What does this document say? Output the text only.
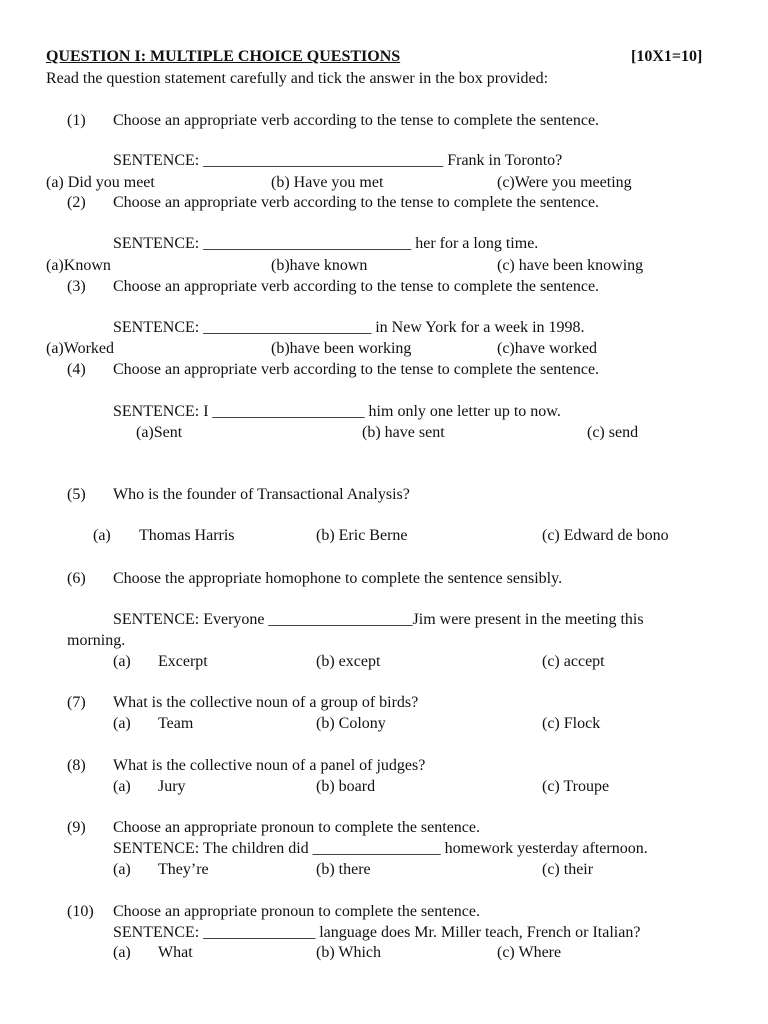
QUESTION I: MULTIPLE CHOICE QUESTIONS	[10X1=10]
Read the question statement carefully and tick the answer in the box provided:
(1) Choose an appropriate verb according to the tense to complete the sentence.
SENTENCE: ______________________________ Frank in Toronto?
(a) Did you meet	(b) Have you met	(c)Were you meeting
(2) Choose an appropriate verb according to the tense to complete the sentence.
SENTENCE: __________________________ her for a long time.
(a)Known	(b)have known	(c) have been knowing
(3) Choose an appropriate verb according to the tense to complete the sentence.
SENTENCE: _____________________ in New York for a week in 1998.
(a)Worked	(b)have been working	(c)have worked
(4) Choose an appropriate verb according to the tense to complete the sentence.
SENTENCE: I ___________________ him only one letter up to now.
(a)Sent	(b) have sent	(c) send
(5) Who is the founder of Transactional Analysis?
(a) Thomas Harris	(b) Eric Berne	(c) Edward de bono
(6) Choose the appropriate homophone to complete the sentence sensibly.
SENTENCE: Everyone __________________Jim were present in the meeting this
morning.
(a) Excerpt	(b) except	(c) accept
(7) What is the collective noun of a group of birds?
(a) Team	(b) Colony	(c) Flock
(8) What is the collective noun of a panel of judges?
(a) Jury	(b) board	(c) Troupe
(9) Choose an appropriate pronoun to complete the sentence.
SENTENCE: The children did ________________ homework yesterday afternoon.
(a) They’re	(b) there	(c) their
(10) Choose an appropriate pronoun to complete the sentence.
SENTENCE: ______________ language does Mr. Miller teach, French or Italian?
(a) What	(b) Which	(c) Where
